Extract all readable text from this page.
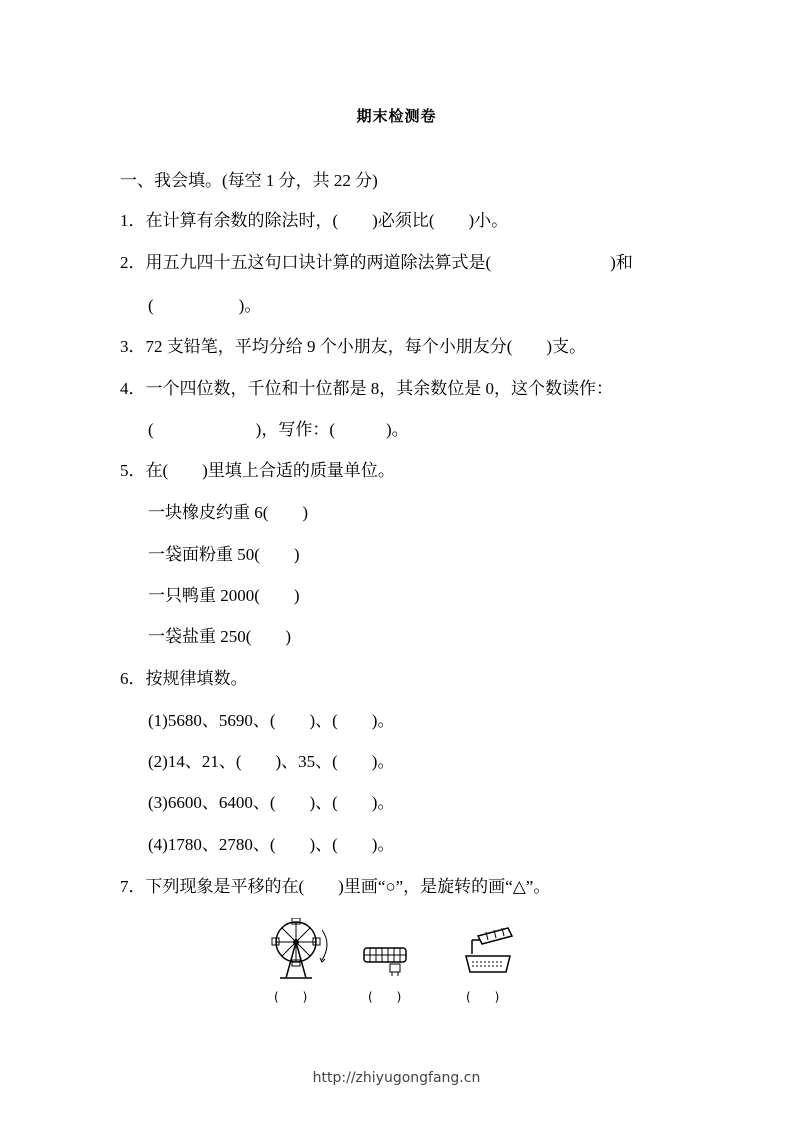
期末检测卷
一、我会填。(每空 1 分，共 22 分)
1．在计算有余数的除法时，(　　)必须比(　　)小。
2．用五九四十五这句口诀计算的两道除法算式是(　　　　　　　)和
(　　　　　)。
3．72 支铅笔，平均分给 9 个小朋友，每个小朋友分(　　)支。
4．一个四位数，千位和十位都是 8，其余数位是 0，这个数读作：
(　　　　　　)，写作：(　　　)。
5．在(　　)里填上合适的质量单位。
一块橡皮约重 6(　　)
一袋面粉重 50(　　)
一只鸭重 2000(　　)
一袋盐重 250(　　)
6．按规律填数。
(1)5680、5690、(　　)、(　　)。
(2)14、21、(　　)、35、(　　)。
(3)6600、6400、(　　)、(　　)。
(4)1780、2780、(　　)、(　　)。
7．下列现象是平移的在(　　)里画“○”，是旋转的画“△”。
(　　)	(　　)	(　　)
http://zhiyugongfang.cn
